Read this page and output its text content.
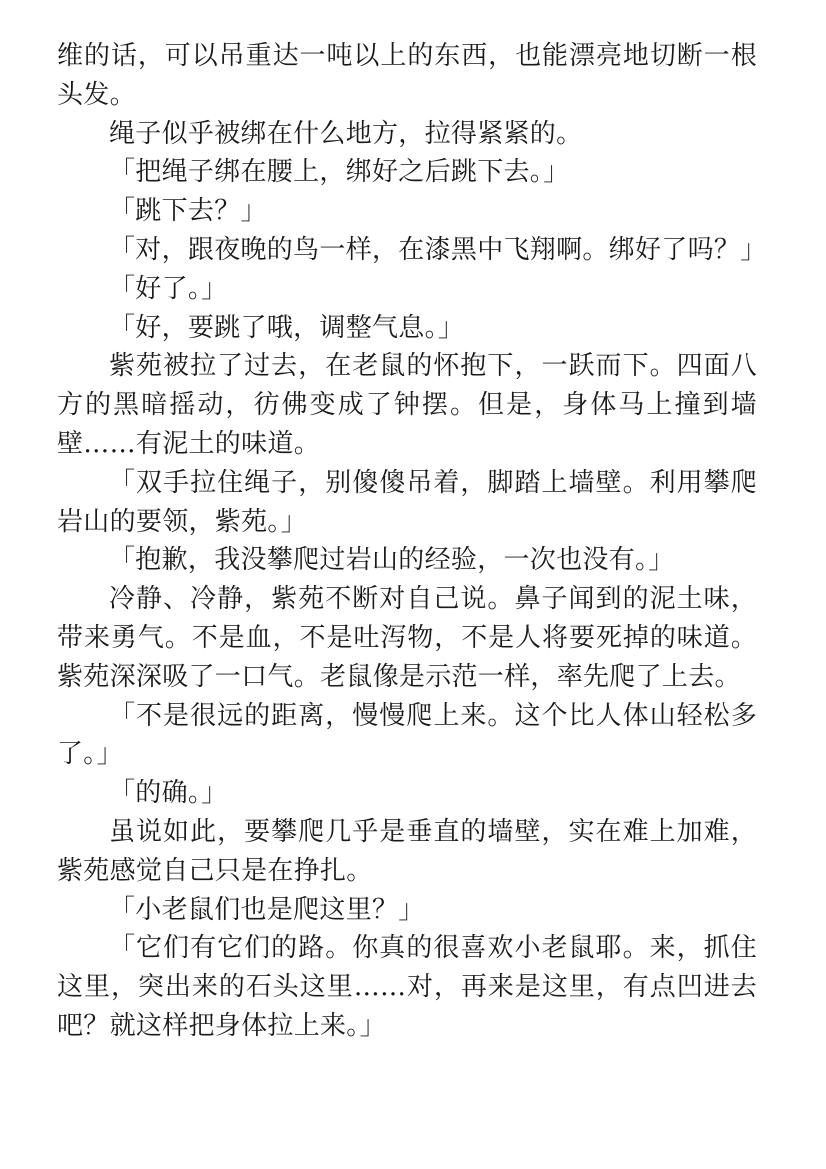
维的话，可以吊重达一吨以上的东西，也能漂亮地切断一根头发。

绳子似乎被绑在什么地方，拉得紧紧的。

「把绳子绑在腰上，绑好之后跳下去。」

「跳下去？」

「对，跟夜晚的鸟一样，在漆黑中飞翔啊。绑好了吗？」

「好了。」

「好，要跳了哦，调整气息。」

紫苑被拉了过去，在老鼠的怀抱下，一跃而下。四面八方的黑暗摇动，彷佛变成了钟摆。但是，身体马上撞到墙壁……有泥土的味道。

「双手拉住绳子，别傻傻吊着，脚踏上墙壁。利用攀爬岩山的要领，紫苑。」

「抱歉，我没攀爬过岩山的经验，一次也没有。」

冷静、冷静，紫苑不断对自己说。鼻子闻到的泥土味，带来勇气。不是血，不是吐泻物，不是人将要死掉的味道。紫苑深深吸了一口气。老鼠像是示范一样，率先爬了上去。

「不是很远的距离，慢慢爬上来。这个比人体山轻松多了。」

「的确。」

虽说如此，要攀爬几乎是垂直的墙壁，实在难上加难，紫苑感觉自己只是在挣扎。

「小老鼠们也是爬这里？」

「它们有它们的路。你真的很喜欢小老鼠耶。来，抓住这里，突出来的石头这里……对，再来是这里，有点凹进去吧？就这样把身体拉上来。」
